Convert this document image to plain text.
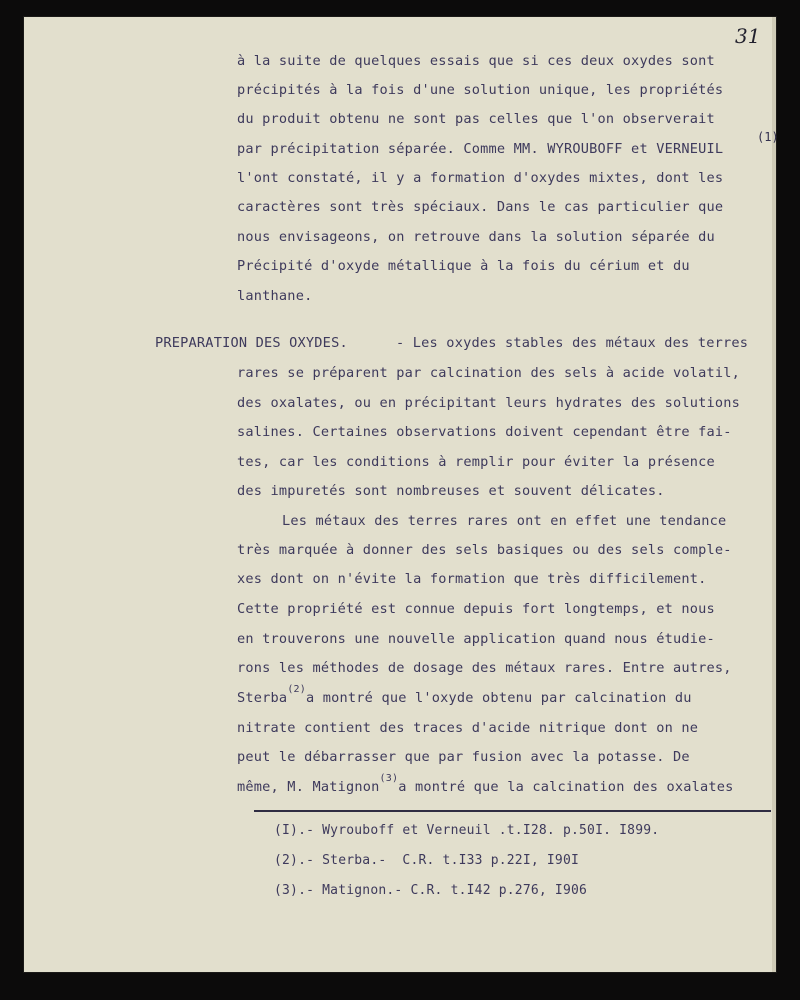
31
(1)
à la suite de quelques essais que si ces deux oxydes sont
précipités à la fois d'une solution unique, les propriétés
du produit obtenu ne sont pas celles que l'on observerait
par précipitation séparée. Comme MM. WYROUBOFF et VERNEUIL
l'ont constaté, il y a formation d'oxydes mixtes, dont les
caractères sont très spéciaux. Dans le cas particulier que
nous envisageons, on retrouve dans la solution séparée du
Précipité d'oxyde métallique à la fois du cérium et du
lanthane.
PREPARATION DES OXYDES.	- Les oxydes stables des métaux des terres
rares se préparent par calcination des sels à acide volatil,
des oxalates, ou en précipitant leurs hydrates des solutions
salines. Certaines observations doivent cependant être fai-
tes, car les conditions à remplir pour éviter la présence
des impuretés sont nombreuses et souvent délicates.
Les métaux des terres rares ont en effet une tendance
très marquée à donner des sels basiques ou des sels comple-
xes dont on n'évite la formation que très difficilement.
Cette propriété est connue depuis fort longtemps, et nous
en trouverons une nouvelle application quand nous étudie-
rons les méthodes de dosage des métaux rares. Entre autres,
Sterba$^{(2)}$a montré que l'oxyde obtenu par calcination du
nitrate contient des traces d'acide nitrique dont on ne
peut le débarrasser que par fusion avec la potasse. De
même, M. Matignon$^{(3)}$a montré que la calcination des oxalates
(I).- Wyrouboff et Verneuil .t.I28. p.50I. I899.
(2).- Sterba.-  C.R. t.I33 p.22I, I90I
(3).- Matignon.- C.R. t.I42 p.276, I906
